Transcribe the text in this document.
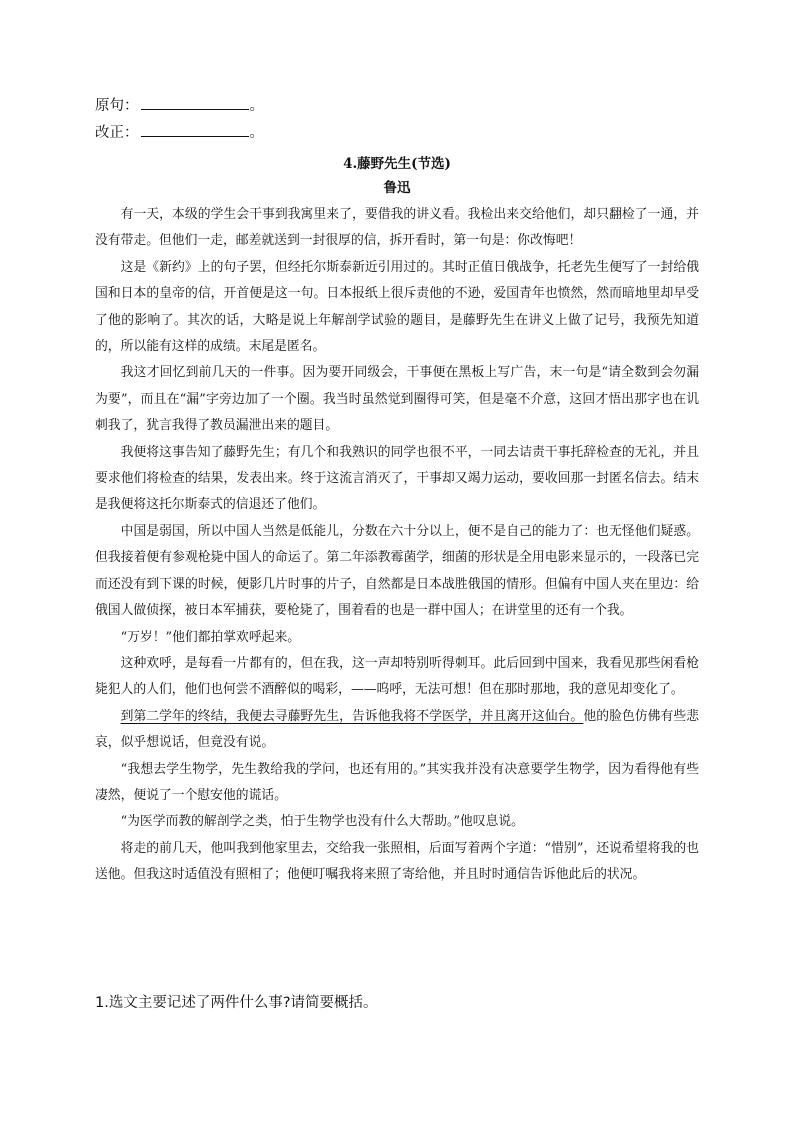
原句：	。
改正：	。
4.藤野先生(节选)
鲁迅

有一天，本级的学生会干事到我寓里来了，要借我的讲义看。我检出来交给他们，却只翻检了一通，并没有带走。但他们一走，邮差就送到一封很厚的信，拆开看时，第一句是：你改悔吧！

这是《新约》上的句子罢，但经托尔斯泰新近引用过的。其时正值日俄战争，托老先生便写了一封给俄国和日本的皇帝的信，开首便是这一句。日本报纸上很斥责他的不逊，爱国青年也愤然，然而暗地里却早受了他的影响了。其次的话，大略是说上年解剖学试验的题目，是藤野先生在讲义上做了记号，我预先知道的，所以能有这样的成绩。末尾是匿名。

我这才回忆到前几天的一件事。因为要开同级会，干事便在黑板上写广告，末一句是“请全数到会勿漏为要”，而且在“漏”字旁边加了一个圈。我当时虽然觉到圈得可笑，但是毫不介意，这回才悟出那字也在讥刺我了，犹言我得了教员漏泄出来的题目。

我便将这事告知了藤野先生；有几个和我熟识的同学也很不平，一同去诘责干事托辞检查的无礼，并且要求他们将检查的结果，发表出来。终于这流言消灭了，干事却又竭力运动，要收回那一封匿名信去。结末是我便将这托尔斯泰式的信退还了他们。

中国是弱国，所以中国人当然是低能儿，分数在六十分以上，便不是自己的能力了：也无怪他们疑惑。但我接着便有参观枪毙中国人的命运了。第二年添教霉菌学，细菌的形状是全用电影来显示的，一段落已完而还没有到下课的时候，便影几片时事的片子，自然都是日本战胜俄国的情形。但偏有中国人夹在里边：给俄国人做侦探，被日本军捕获，要枪毙了，围着看的也是一群中国人；在讲堂里的还有一个我。

“万岁！”他们都拍掌欢呼起来。

这种欢呼，是每看一片都有的，但在我，这一声却特别听得刺耳。此后回到中国来，我看见那些闲看枪毙犯人的人们，他们也何尝不酒醉似的喝彩，——呜呼，无法可想！但在那时那地，我的意见却变化了。

到第二学年的终结，我便去寻藤野先生，告诉他我将不学医学，并且离开这仙台。他的脸色仿佛有些悲哀，似乎想说话，但竟没有说。

“我想去学生物学，先生教给我的学问，也还有用的。”其实我并没有决意要学生物学，因为看得他有些凄然，便说了一个慰安他的谎话。

“为医学而教的解剖学之类，怕于生物学也没有什么大帮助。”他叹息说。

将走的前几天，他叫我到他家里去，交给我一张照相，后面写着两个字道：“惜别”，还说希望将我的也送他。但我这时适值没有照相了；他便叮嘱我将来照了寄给他，并且时时通信告诉他此后的状况。

1.选文主要记述了两件什么事?请简要概括。
